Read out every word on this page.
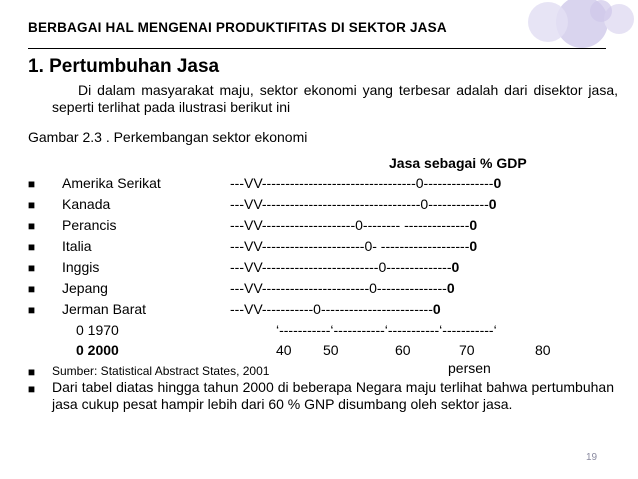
BERBAGAI HAL MENGENAI PRODUKTIFITAS DI SEKTOR JASA
1. Pertumbuhan Jasa
Di dalam masyarakat maju, sektor ekonomi yang terbesar adalah dari disektor jasa, seperti terlihat pada ilustrasi berikut ini
Gambar 2.3 . Perkembangan sektor ekonomi
Jasa sebagai % GDP
■ Amerika Serikat	---VV---------------------------------0---------------0
■ Kanada	---VV----------------------------------0-------------0
■ Perancis	---VV--------------------0-------- --------------0
■ Italia	---VV----------------------0- -------------------0
■ Inggis	---VV-------------------------0--------------0
■ Jepang	---VV-----------------------0---------------0
■ Jerman Barat	---VV-----------0------------------------0
0 1970	‘-----------‘-----------‘-----------‘-----------‘
0 2000	40 50	60	70	80
persen
■ Sumber: Statistical Abstract States, 2001
■ Dari tabel diatas hingga tahun 2000 di beberapa Negara maju terlihat bahwa pertumbuhan jasa cukup pesat hampir lebih dari 60 % GNP disumbang oleh sektor jasa.
19
